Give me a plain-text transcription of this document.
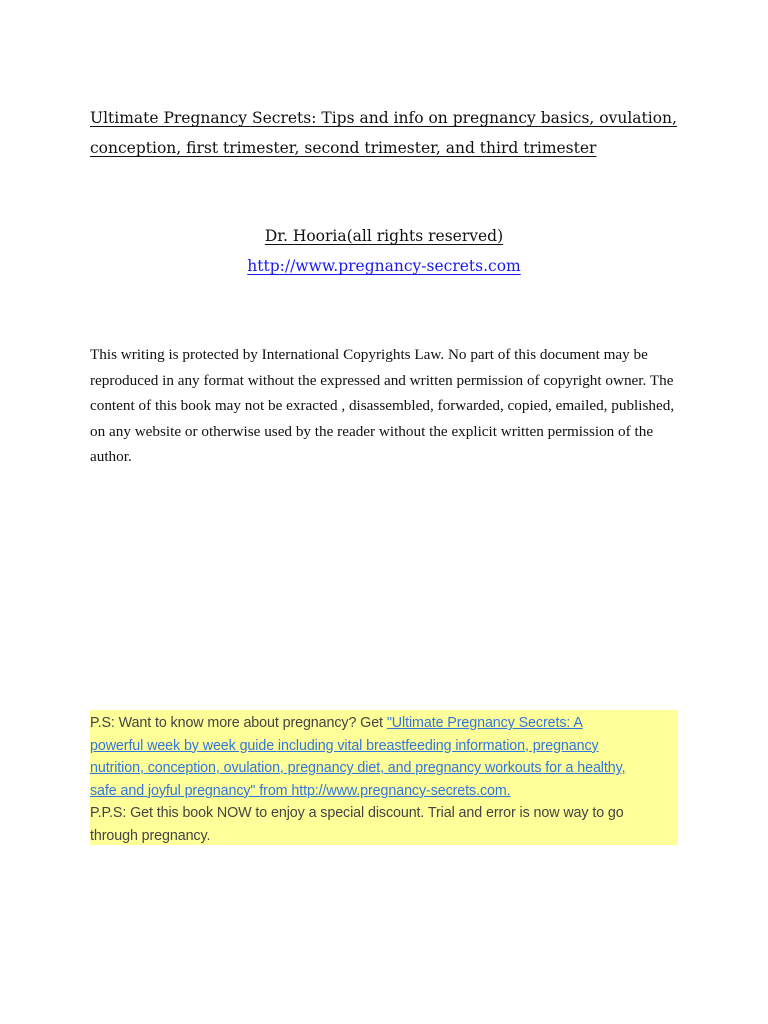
Ultimate Pregnancy Secrets: Tips and info on pregnancy basics, ovulation,
conception, first trimester, second trimester, and third trimester
Dr. Hooria(all rights reserved)
http://www.pregnancy-secrets.com

This writing is protected by International Copyrights Law. No part of this document may be reproduced in any format without the expressed and written permission of copyright owner. The content of this book may not be exracted , disassembled, forwarded, copied, emailed, published, on any website or otherwise used by the reader without the explicit written permission of the author.

P.S: Want to know more about pregnancy? Get "Ultimate Pregnancy Secrets: A
powerful week by week guide including vital breastfeeding information, pregnancy
nutrition, conception, ovulation, pregnancy diet, and pregnancy workouts for a healthy,
safe and joyful pregnancy" from http://www.pregnancy-secrets.com.
P.P.S: Get this book NOW to enjoy a special discount. Trial and error is now way to go
through pregnancy.
